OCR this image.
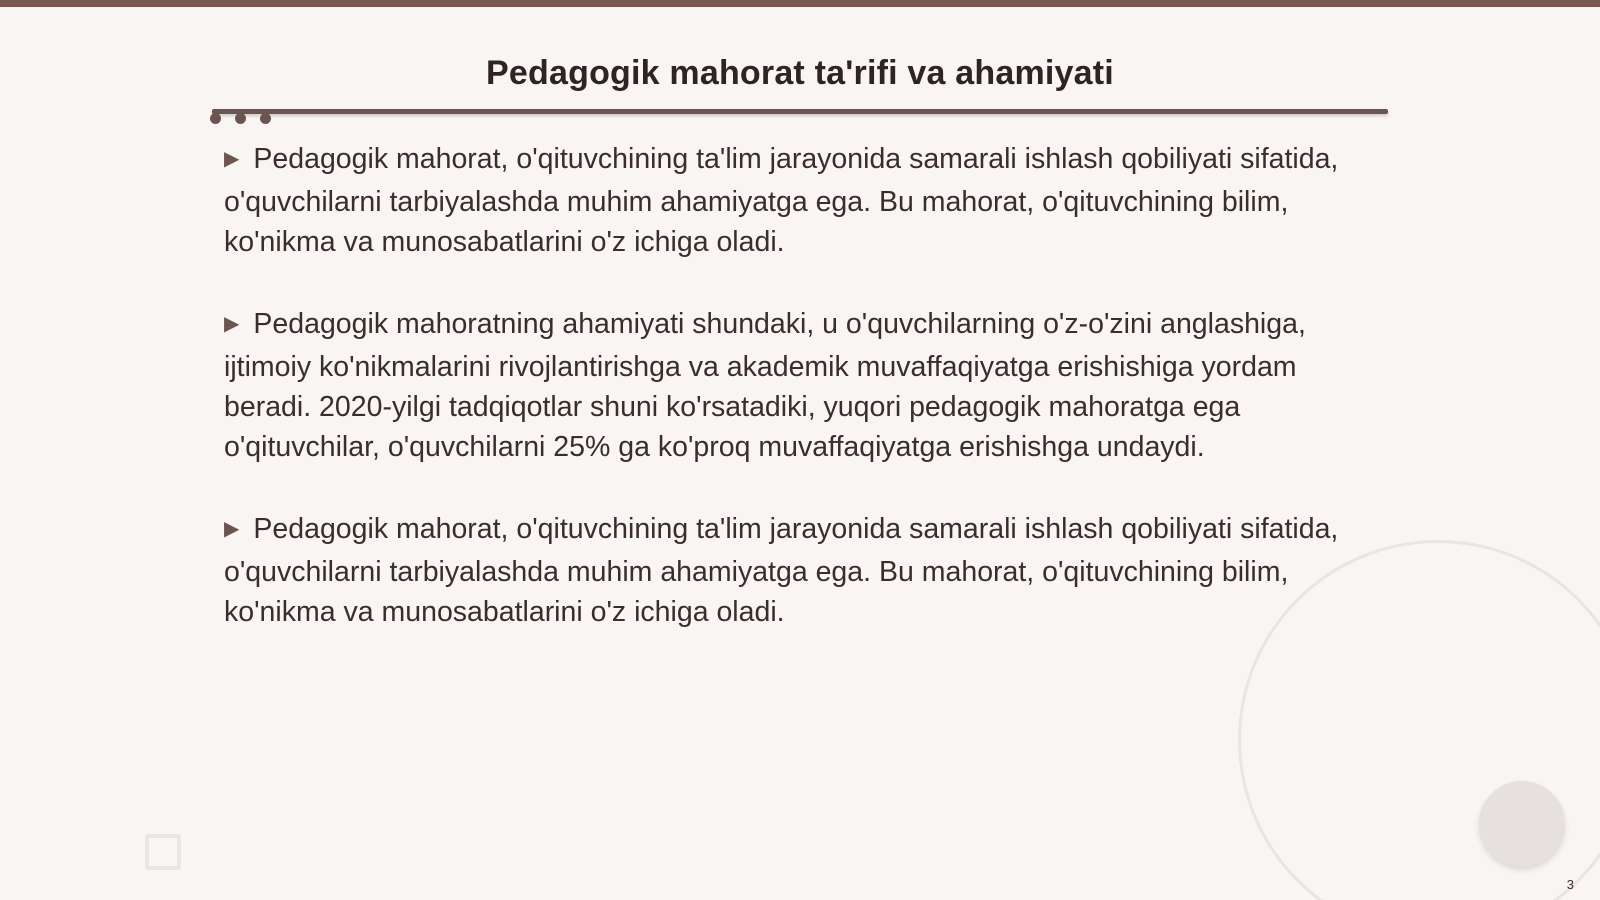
Pedagogik mahorat ta'rifi va ahamiyati

▶ Pedagogik mahorat, o'qituvchining ta'lim jarayonida samarali ishlash qobiliyati sifatida, o'quvchilarni tarbiyalashda muhim ahamiyatga ega. Bu mahorat, o'qituvchining bilim, ko'nikma va munosabatlarini o'z ichiga oladi.

▶ Pedagogik mahoratning ahamiyati shundaki, u o'quvchilarning o'z-o'zini anglashiga, ijtimoiy ko'nikmalarini rivojlantirishga va akademik muvaffaqiyatga erishishiga yordam beradi. 2020-yilgi tadqiqotlar shuni ko'rsatadiki, yuqori pedagogik mahoratga ega o'qituvchilar, o'quvchilarni 25% ga ko'proq muvaffaqiyatga erishishga undaydi.

▶ Pedagogik mahorat, o'qituvchining ta'lim jarayonida samarali ishlash qobiliyati sifatida, o'quvchilarni tarbiyalashda muhim ahamiyatga ega. Bu mahorat, o'qituvchining bilim, ko'nikma va munosabatlarini o'z ichiga oladi.

3
